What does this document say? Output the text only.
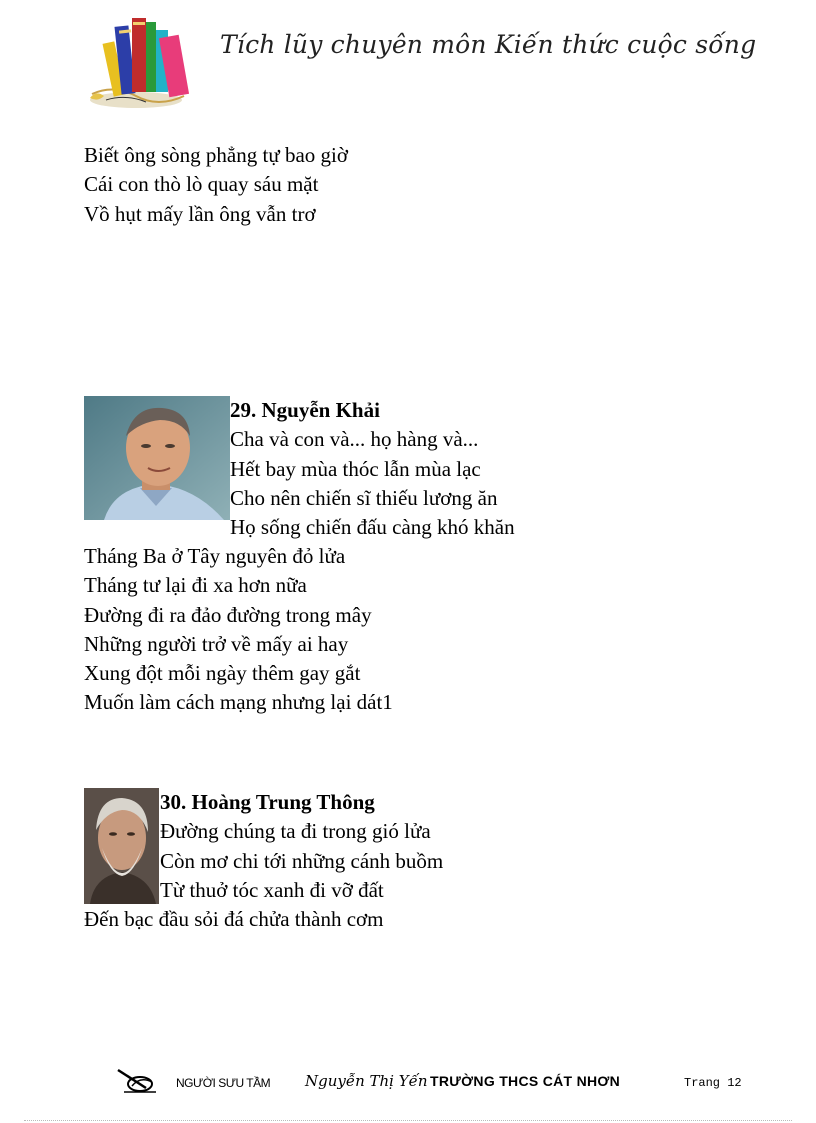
Tích lũy chuyên môn Kiến thức cuộc sống
Biết ông sòng phẳng tự bao giờ
Cái con thò lò quay sáu mặt
Vồ hụt mấy lần ông vẫn trơ
29. Nguyễn Khải
Cha và con và... họ hàng và...
Hết bay mùa thóc lẫn mùa lạc
Cho nên chiến sĩ thiếu lương ăn
Họ sống chiến đấu càng khó khăn
Tháng Ba ở Tây nguyên đỏ lửa
Tháng tư lại đi xa hơn nữa
Đường đi ra đảo đường trong mây
Những người trở về mấy ai hay
Xung đột mỗi ngày thêm gay gắt
Muốn làm cách mạng nhưng lại dát1
30. Hoàng Trung Thông
Đường chúng ta đi trong gió lửa
Còn mơ chi tới những cánh buồm
Từ thuở tóc xanh đi vỡ đất
Đến bạc đầu sỏi đá chửa thành cơm
NGƯỜI SƯU TẦM Nguyễn Thị Yến TRƯỜNG THCS CÁT NHƠN	Trang 12
